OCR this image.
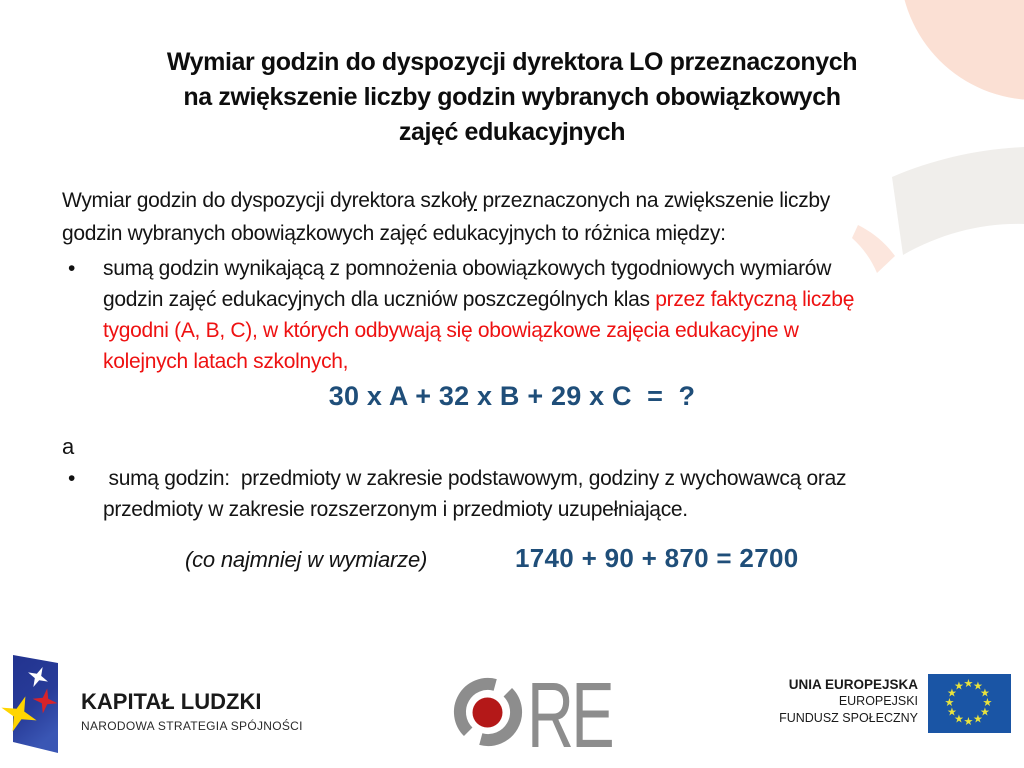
Wymiar godzin do dyspozycji dyrektora LO przeznaczonych
na zwiększenie liczby godzin wybranych obowiązkowych
zajęć edukacyjnych
Wymiar godzin do dyspozycji dyrektora szkoły przeznaczonych na zwiększenie liczby
godzin wybranych obowiązkowych zajęć edukacyjnych to różnica między:
• sumą godzin wynikającą z pomnożenia obowiązkowych tygodniowych wymiarów
godzin zajęć edukacyjnych dla uczniów poszczególnych klas przez faktyczną liczbę
tygodni (A, B, C), w których odbywają się obowiązkowe zajęcia edukacyjne w
kolejnych latach szkolnych,
30 x A + 32 x B + 29 x C  =  ?
a
• sumą godzin:  przedmioty w zakresie podstawowym, godziny z wychowawcą oraz
przedmioty w zakresie rozszerzonym i przedmioty uzupełniające.
(co najmniej w wymiarze)	1740 + 90 + 870 = 2700
KAPITAŁ LUDZKI
NARODOWA STRATEGIA SPÓJNOŚCI RE	UNIA EUROPEJSKA
EUROPEJSKI
FUNDUSZ SPOŁECZNY
★ ★
★
★
★
★
★
★
★
★
★
★
